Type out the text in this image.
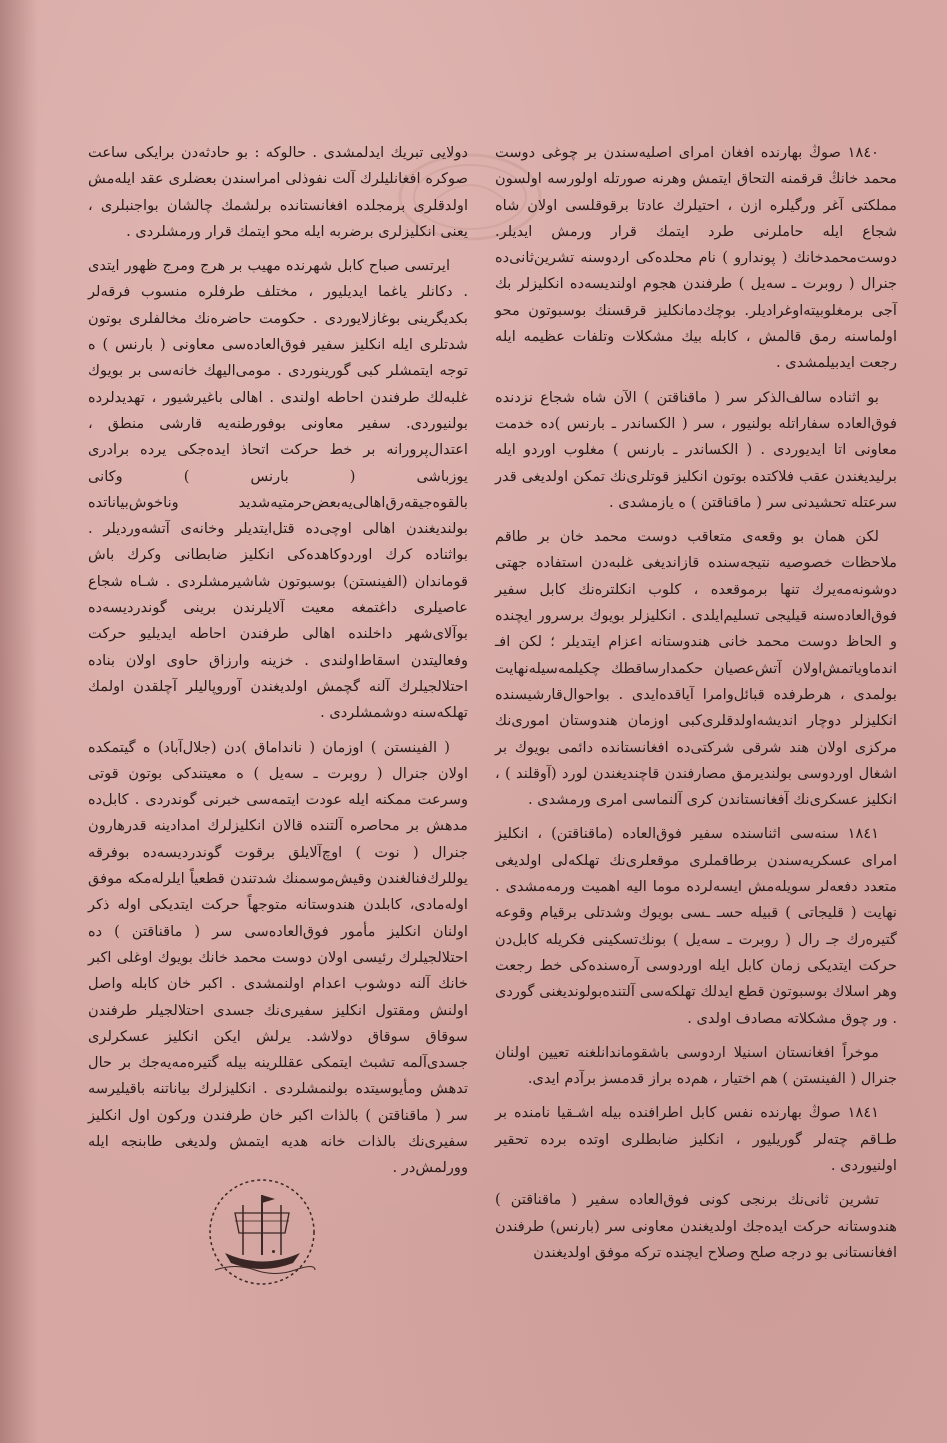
١٨٤٠ صوڭ بهارنده افغان امرای اصلیه‌سندن بر چوغی دوست محمد خانڭ قرقمنه التحاق ایتمش وهرنه صورتله اولورسه اولسون مملکتی آغر ورگیلره ازن ، احتیلرك عادتا برقوقلسی اولان شاه شجاع ایله حاملرنی طرد ایتمك قرار ورمش ایدیلر. دوست‌محمدخانك ( پوندارو ) نام محلده‌کی اردوسنه تشرین‌ثانی‌ده جنرال ( روبرت ـ سه‌یل ) طرفندن هجوم اولندیسه‌ده انكلیزلر بك آجی برمغلوبیته‌اوغرادیلر. بوچك‌دمانكلیز قرقسنك بوسبوتون محو اولماسنه رمق قالمش ، کابله بیك مشكلات وتلفات عظیمه ایله رجعت ایدبیلمشدی .

بو اثناده سالف‌الذکر سر ( ماقناقتن ) الآن شاه شجاع نزدنده فوق‌العاده سفاراتله بولنیور ، سر ( الکساندر ـ بارنس )ده خدمت معاونی اتا ایدیوردی . ( الکساندر ـ بارنس ) مغلوب اوردو ایله برلیدیغندن عقب فلاکتده بوتون انكلیز قوتلری‌نك تمکن اولدیغی قدر سرعتله تحشیدنی سر ( ماقناقتن ) ه یازمشدی .

لكن همان بو وقعه‌ی متعاقب دوست محمد خان بر طاقم ملاحظات خصوصیه نتیجه‌سنده قازاندیغی غلبه‌دن استفاده جهتی دوشونه‌مه‌یرك تنها برموقعده ، کلوب انكلتره‌نك کابل سفیر فوق‌العاده‌سنه قیلیجی تسلیم‌ایلدی . انكلیزلر بویوك برسرور ایچنده و الحاظ دوست محمد خانی هندوستانه اعزام ایتدیلر ؛ لكن افـ اندماویاتمش‌اولان آتش‌عصیان حکمدارساقطك چكیلمه‌سیله‌نهایت بولمدی ، هرطرفده قبائل‌وامرا آیاقده‌ایدی . بواحوال‌قارشیسنده انكلیزلر دوچار اندیشه‌اولدقلری‌کبی اوزمان هندوستان اموری‌نك مرکزی اولان هند شرقی شرکتی‌ده افغانستانده دائمی بویوك بر اشغال اوردوسی بولندیرمق مصارفندن قاچندیغندن لورد (آوقلند ) ، انكلیز عسکری‌نك آفغانستاندن کری آلنماسی امری ورمشدی .

١٨٤١ سنه‌سی اثناسنده سفیر فوق‌العاده (ماقناقتن) ، انكلیز امرای عسکریه‌سندن برطاقملری موقعلری‌نك تهلکه‌لی اولدیغی متعدد دفعه‌لر سویله‌مش ایسه‌لرده موما الیه اهمیت ورمه‌مشدی . نهایت ( قلیجاتی ) قبیله‌ حسـ ـسی بویوك وشدتلی برقیام وقوعه گتیره‌رك جـ رال ( روبرت ـ سه‌یل ) بونك‌تسکینی فکریله کابل‌دن حرکت ایتدیکی زمان کابل ایله اوردوسی آره‌سنده‌کی خط رجعت وهر اسلاك بوسبوتون قطع ایدلك تهلکه‌سی آلتنده‌بولوندیغنی گوردی . ور چوق مشكلاته مصادف اولدی .

موخراً افغانستان اسنیلا اردوسی باشقوماندانلغنه تعیین اولنان جنرال ( الفینستن ) هم اختیار ، هم‌ده براز قدمسز برآدم ایدی.

١٨٤١ صوڭ بهارنده نفس کابل اطرافنده بیله اشـقیا نامنده بر طـاقم چته‌لر گوریلیور ، انكلیز ضابطلری اوتده برده تحقیر اولنیوردی .

تشرین ثانی‌نك برنجی کونی فوق‌العاده سفیر ( ماقناقتن ) هندوستانه حرکت ایده‌جك اولدیغندن معاونی سر (بارنس) طرفندن افغانستانی بو درجه صلح وصلاح ایچنده ترکه موفق اولدیغندن

دولایی تبریك ایدلمشدی . حالوکه : بو حادثه‌دن برایکی ساعت صوکره افغانلیلرك آلت نفوذلی امراسندن بعضلری عقد ایله‌مش اولدقلری برمجلده افغانستانده برلشمك چالشان بواجنبلری ، یعنی انكلیزلری برضربه ایله محو ایتمك قرار ورمشلردی .

ایرتسی صباح کابل شهرنده مهیب بر هرج ومرج ظهور ایتدی . دکانلر یاغما ایدیلیور ، مختلف طرفلره منسوب فرقه‌لر بکدیگرینی بوغازلایوردی . حکومت حاضره‌نك مخالفلری بوتون شدتلری ایله انكلیز سفیر فوق‌العاده‌سی معاونی ( بارنس ) ه توجه ایتمشلر کبی گورینوردی . مومی‌الیهك خانه‌سی بر بویوك غلبه‌لك طرفندن احاطه اولندی . اهالی باغیرشیور ، تهدیدلرده بولنیوردی. سفیر معاونی بوفورطنه‌یه قارشی منطق ، اعتدال‌پرورانه بر خط حرکت اتحاذ ایده‌جکی یرده برادری یوزباشی ( بارنس ) وکانی بالقوه‌جیقه‌رق‌اهالی‌یه‌بعض‌حرمتیه‌شدید وناخوش‌بیاناتده بولندیغندن اهالی اوچی‌ده قتل‌ایتدیلر وخانه‌ی آتشه‌وردیلر . بواثناده کرك اوردوکاهده‌کی انكلیز ضابطانی وکرك باش قوماندان (الفینستن) بوسبوتون شاشیرمشلردی . شـاه شجاع عاصیلری داغتمغه معیت آلایلرندن برینی گوندردیسه‌ده بوآلای‌شهر داخلنده اهالی طرفندن احاطه ایدیلیو حرکت وفعالیتدن اسقاط‌اولندی . خزینه وارزاق حاوی اولان بناده احتلالجیلرك آلنه گچمش اولدیغندن آوروپالیلر آچلقدن اولمك تهلکه‌سنه دوشمشلردی .

( الفینستن ) اوزمان ( نانداماق )دن (جلال‌آباد) ه گیتمکده اولان جنرال ( روبرت ـ سه‌یل ) ه معیتندکی بوتون قوتی وسرعت ممکنه ایله عودت ایتمه‌سی خبرنی گوندردی . کابل‌ده مدهش بر محاصره آلتنده قالان انكلیزلرك امدادینه قدرهارون جنرال ( نوت ) اوچ‌آلایلق برقوت گوندردیسه‌ده بوفرقه یوللرك‌فنالغندن وقیش‌موسمنك شدتندن قطعیاً ایلرله‌مکه موفق اوله‌مادی، کابلدن هندوستانه متوجهاً حرکت ایتدیکی اوله ذکر اولنان انكلیز مأمور فوق‌العاده‌سی سر ( ماقناقتن ) ده احتلالجیلرك رئیسی اولان دوست محمد خانك بویوك اوغلی اکبر خانك آلنه دوشوب اعدام اولنمشدی . اکبر خان کابله واصل اولنش ومقتول انكلیز سفیری‌نك جسدی احتلالجیلر طرفندن سوقاق سوقاق دولاشد. یرلش ایکن انكلیز عسکرلری جسدی‌آلمه تشبث ایتمکی عقللرینه بیله گتیره‌مه‌یه‌جك بر حال تدهش ومأیوسیتده بولنمشلردی . انكلیزلرك بیاناتنه باقیلیرسه سر ( ماقناقتن ) بالذات اکبر خان طرفندن ورکون اول انكلیز سفیری‌نك بالذات خانه هدیه ایتمش ولدیغی طابنجه ایله وورلمش‌در .
